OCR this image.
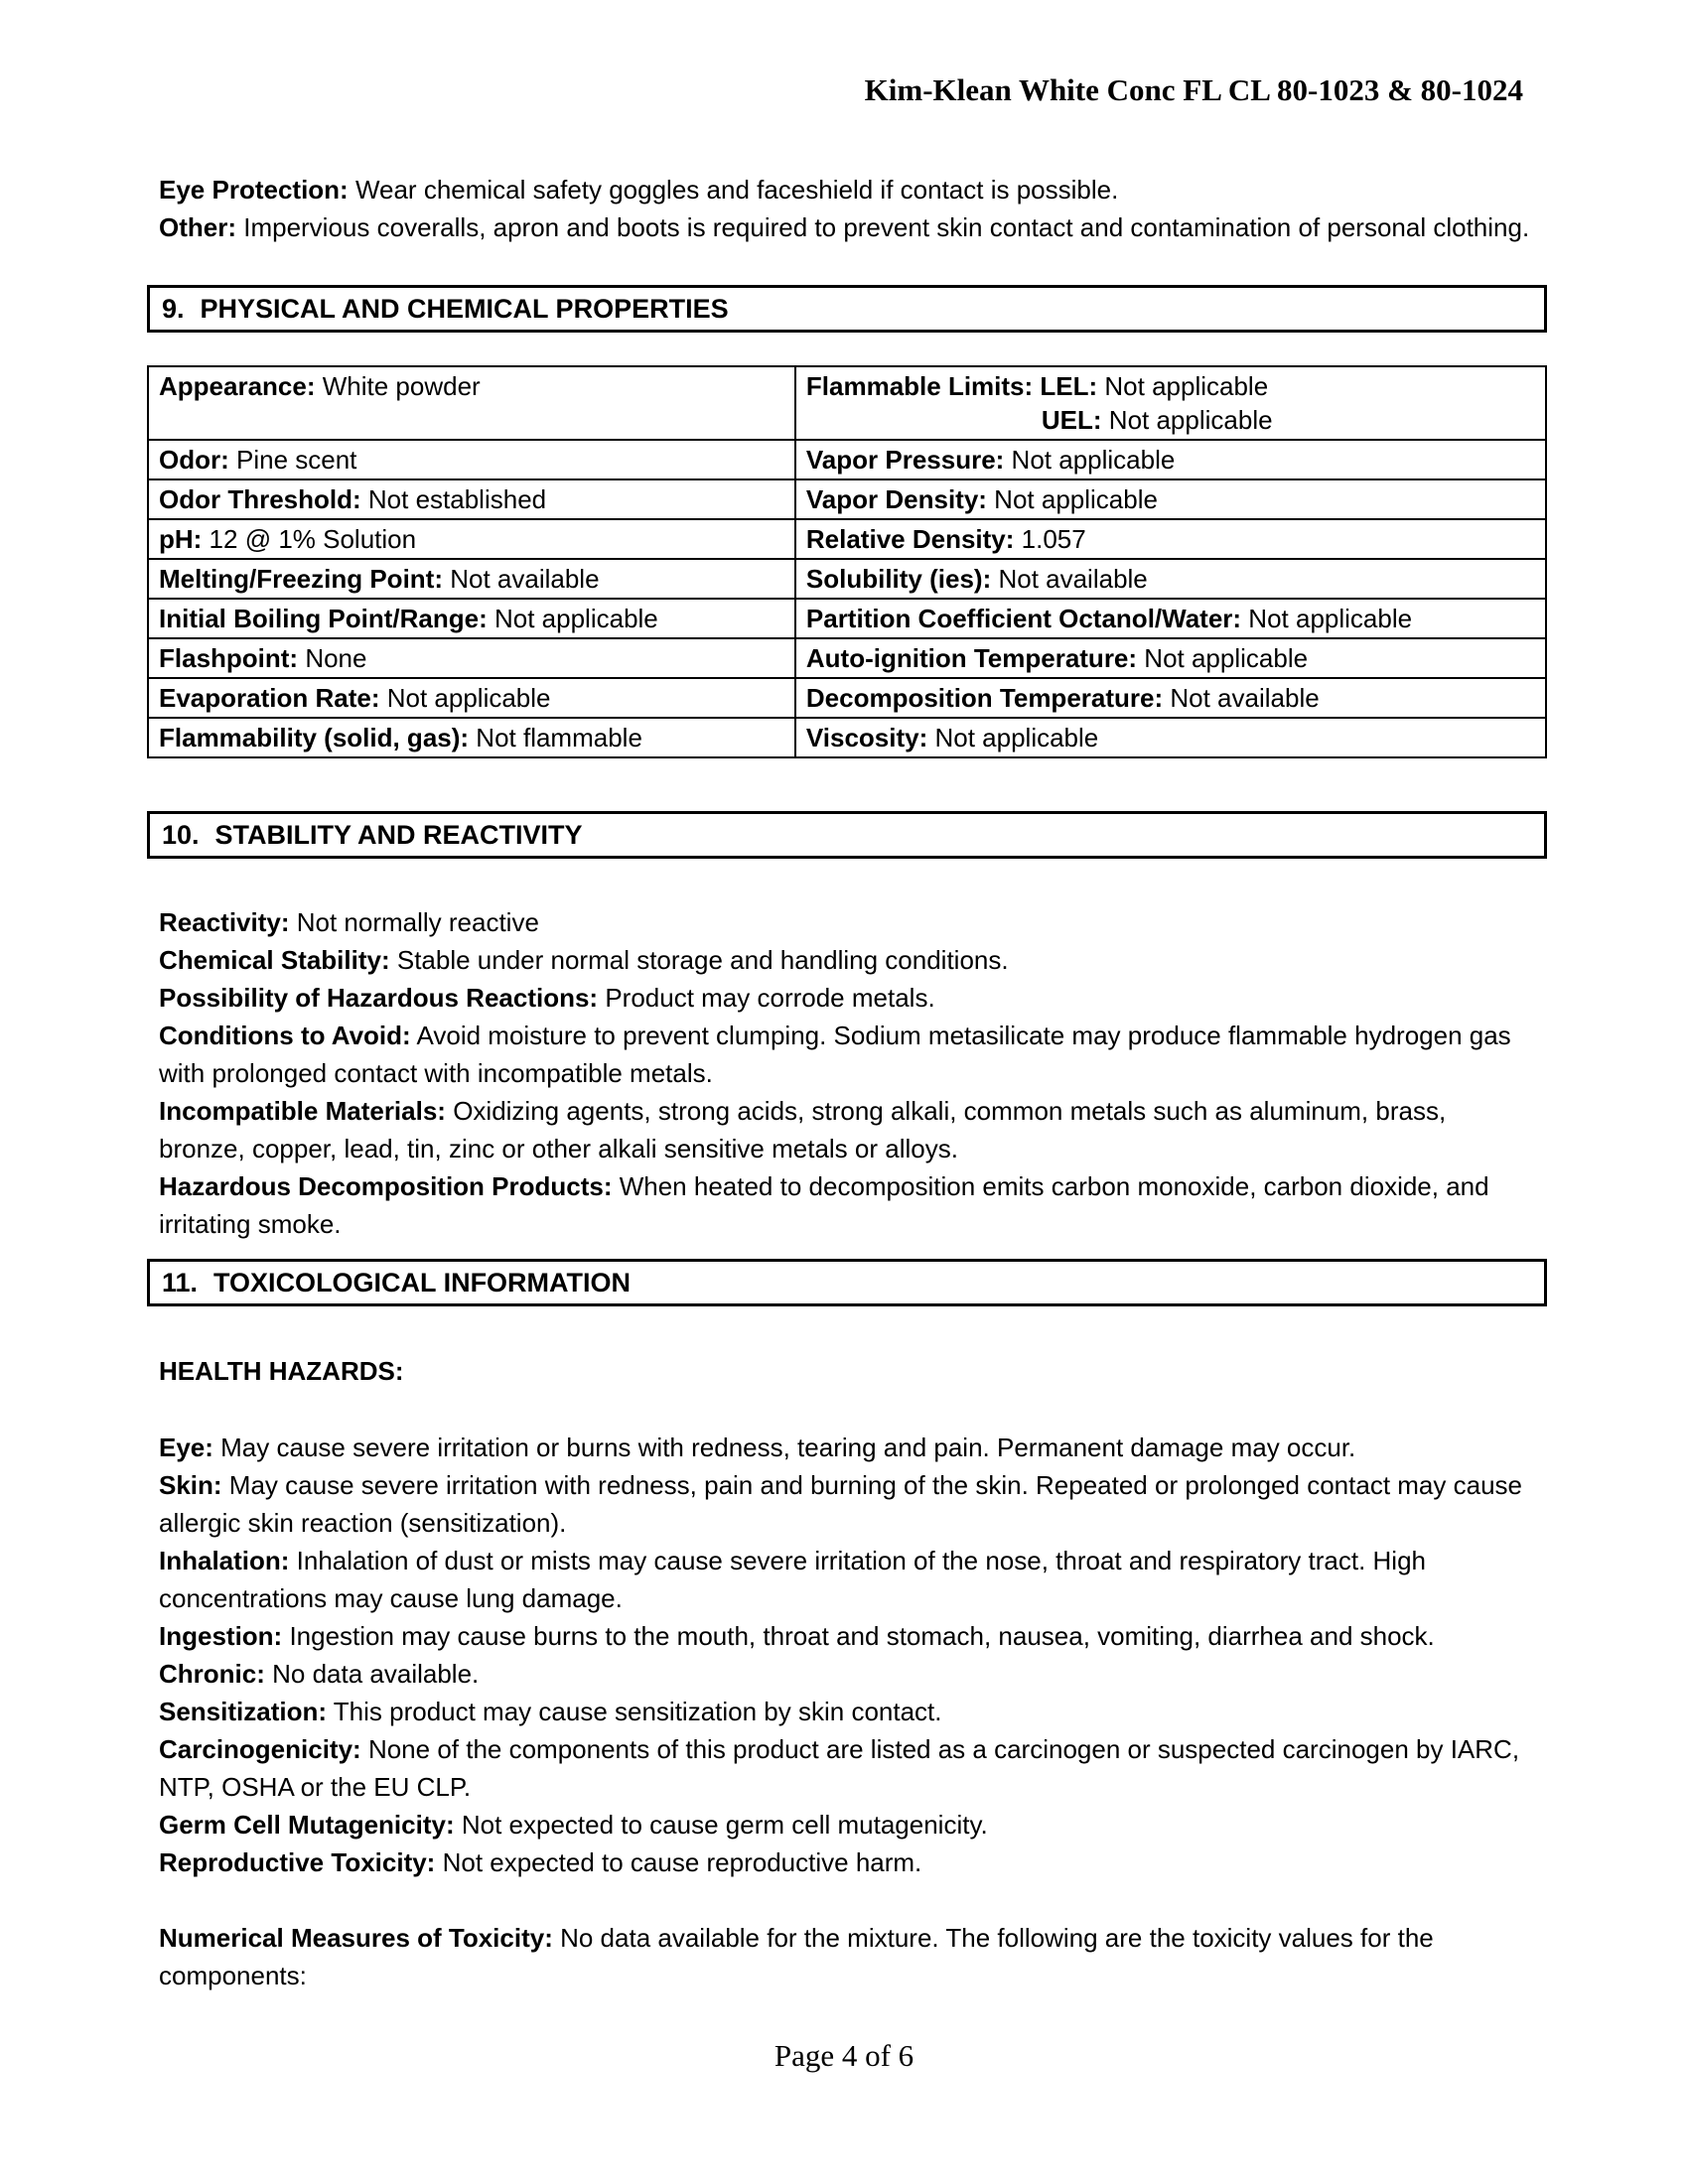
Kim-Klean White Conc FL CL 80-1023 & 80-1024

Eye Protection: Wear chemical safety goggles and faceshield if contact is possible.

Other: Impervious coveralls, apron and boots is required to prevent skin contact and contamination of personal clothing.

9. PHYSICAL AND CHEMICAL PROPERTIES
Appearance: White powder	Flammable Limits: LEL: Not applicable
UEL: Not applicable

Odor: Pine scent	Vapor Pressure: Not applicable
Odor Threshold: Not established	Vapor Density: Not applicable
pH: 12 @ 1% Solution	Relative Density: 1.057
Melting/Freezing Point: Not available	Solubility (ies): Not available
Initial Boiling Point/Range: Not applicable	Partition Coefficient Octanol/Water: Not applicable
Flashpoint: None	Auto-ignition Temperature: Not applicable
Evaporation Rate: Not applicable	Decomposition Temperature: Not available
Flammability (solid, gas): Not flammable	Viscosity: Not applicable
10. STABILITY AND REACTIVITY

Reactivity: Not normally reactive

Chemical Stability: Stable under normal storage and handling conditions.

Possibility of Hazardous Reactions: Product may corrode metals.

Conditions to Avoid: Avoid moisture to prevent clumping. Sodium metasilicate may produce flammable hydrogen gas with prolonged contact with incompatible metals.

Incompatible Materials: Oxidizing agents, strong acids, strong alkali, common metals such as aluminum, brass, bronze, copper, lead, tin, zinc or other alkali sensitive metals or alloys.

Hazardous Decomposition Products: When heated to decomposition emits carbon monoxide, carbon dioxide, and irritating smoke.

11. TOXICOLOGICAL INFORMATION
HEALTH HAZARDS:

Eye: May cause severe irritation or burns with redness, tearing and pain. Permanent damage may occur.

Skin: May cause severe irritation with redness, pain and burning of the skin. Repeated or prolonged contact may cause allergic skin reaction (sensitization).

Inhalation: Inhalation of dust or mists may cause severe irritation of the nose, throat and respiratory tract. High concentrations may cause lung damage.

Ingestion: Ingestion may cause burns to the mouth, throat and stomach, nausea, vomiting, diarrhea and shock.

Chronic: No data available.

Sensitization: This product may cause sensitization by skin contact.

Carcinogenicity: None of the components of this product are listed as a carcinogen or suspected carcinogen by IARC, NTP, OSHA or the EU CLP.

Germ Cell Mutagenicity: Not expected to cause germ cell mutagenicity.

Reproductive Toxicity: Not expected to cause reproductive harm.

Numerical Measures of Toxicity: No data available for the mixture. The following are the toxicity values for the components:

Page 4 of 6
